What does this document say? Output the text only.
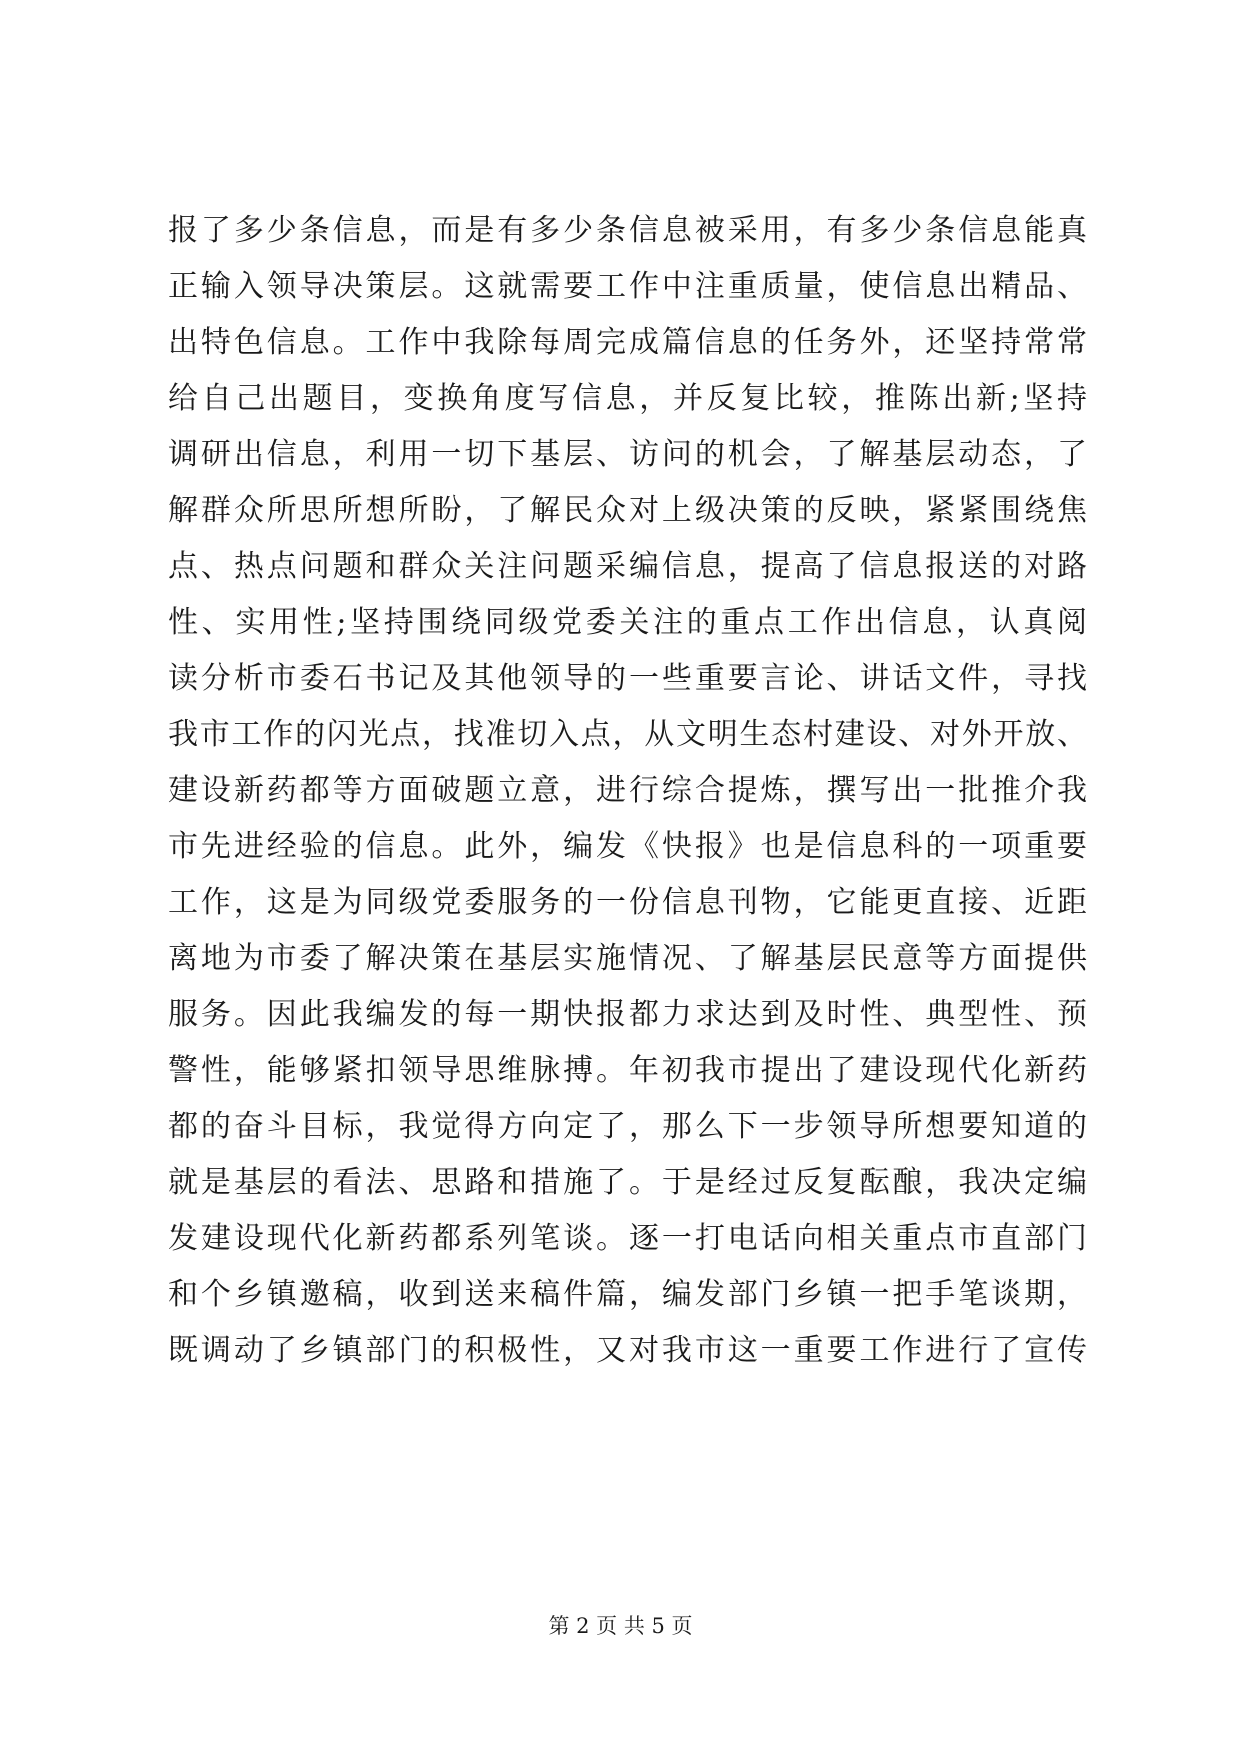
报了多少条信息，而是有多少条信息被采用，有多少条信息能真
正输入领导决策层。这就需要工作中注重质量，使信息出精品、
出特色信息。工作中我除每周完成篇信息的任务外，还坚持常常
给自己出题目，变换角度写信息，并反复比较，推陈出新;坚持
调研出信息，利用一切下基层、访问的机会，了解基层动态，了
解群众所思所想所盼，了解民众对上级决策的反映，紧紧围绕焦
点、热点问题和群众关注问题采编信息，提高了信息报送的对路
性、实用性;坚持围绕同级党委关注的重点工作出信息，认真阅
读分析市委石书记及其他领导的一些重要言论、讲话文件，寻找
我市工作的闪光点，找准切入点，从文明生态村建设、对外开放、
建设新药都等方面破题立意，进行综合提炼，撰写出一批推介我
市先进经验的信息。此外，编发《快报》也是信息科的一项重要
工作，这是为同级党委服务的一份信息刊物，它能更直接、近距
离地为市委了解决策在基层实施情况、了解基层民意等方面提供
服务。因此我编发的每一期快报都力求达到及时性、典型性、预
警性，能够紧扣领导思维脉搏。年初我市提出了建设现代化新药
都的奋斗目标，我觉得方向定了，那么下一步领导所想要知道的
就是基层的看法、思路和措施了。于是经过反复酝酿，我决定编
发建设现代化新药都系列笔谈。逐一打电话向相关重点市直部门
和个乡镇邀稿，收到送来稿件篇，编发部门乡镇一把手笔谈期，
既调动了乡镇部门的积极性，又对我市这一重要工作进行了宣传
第 2 页 共 5 页
